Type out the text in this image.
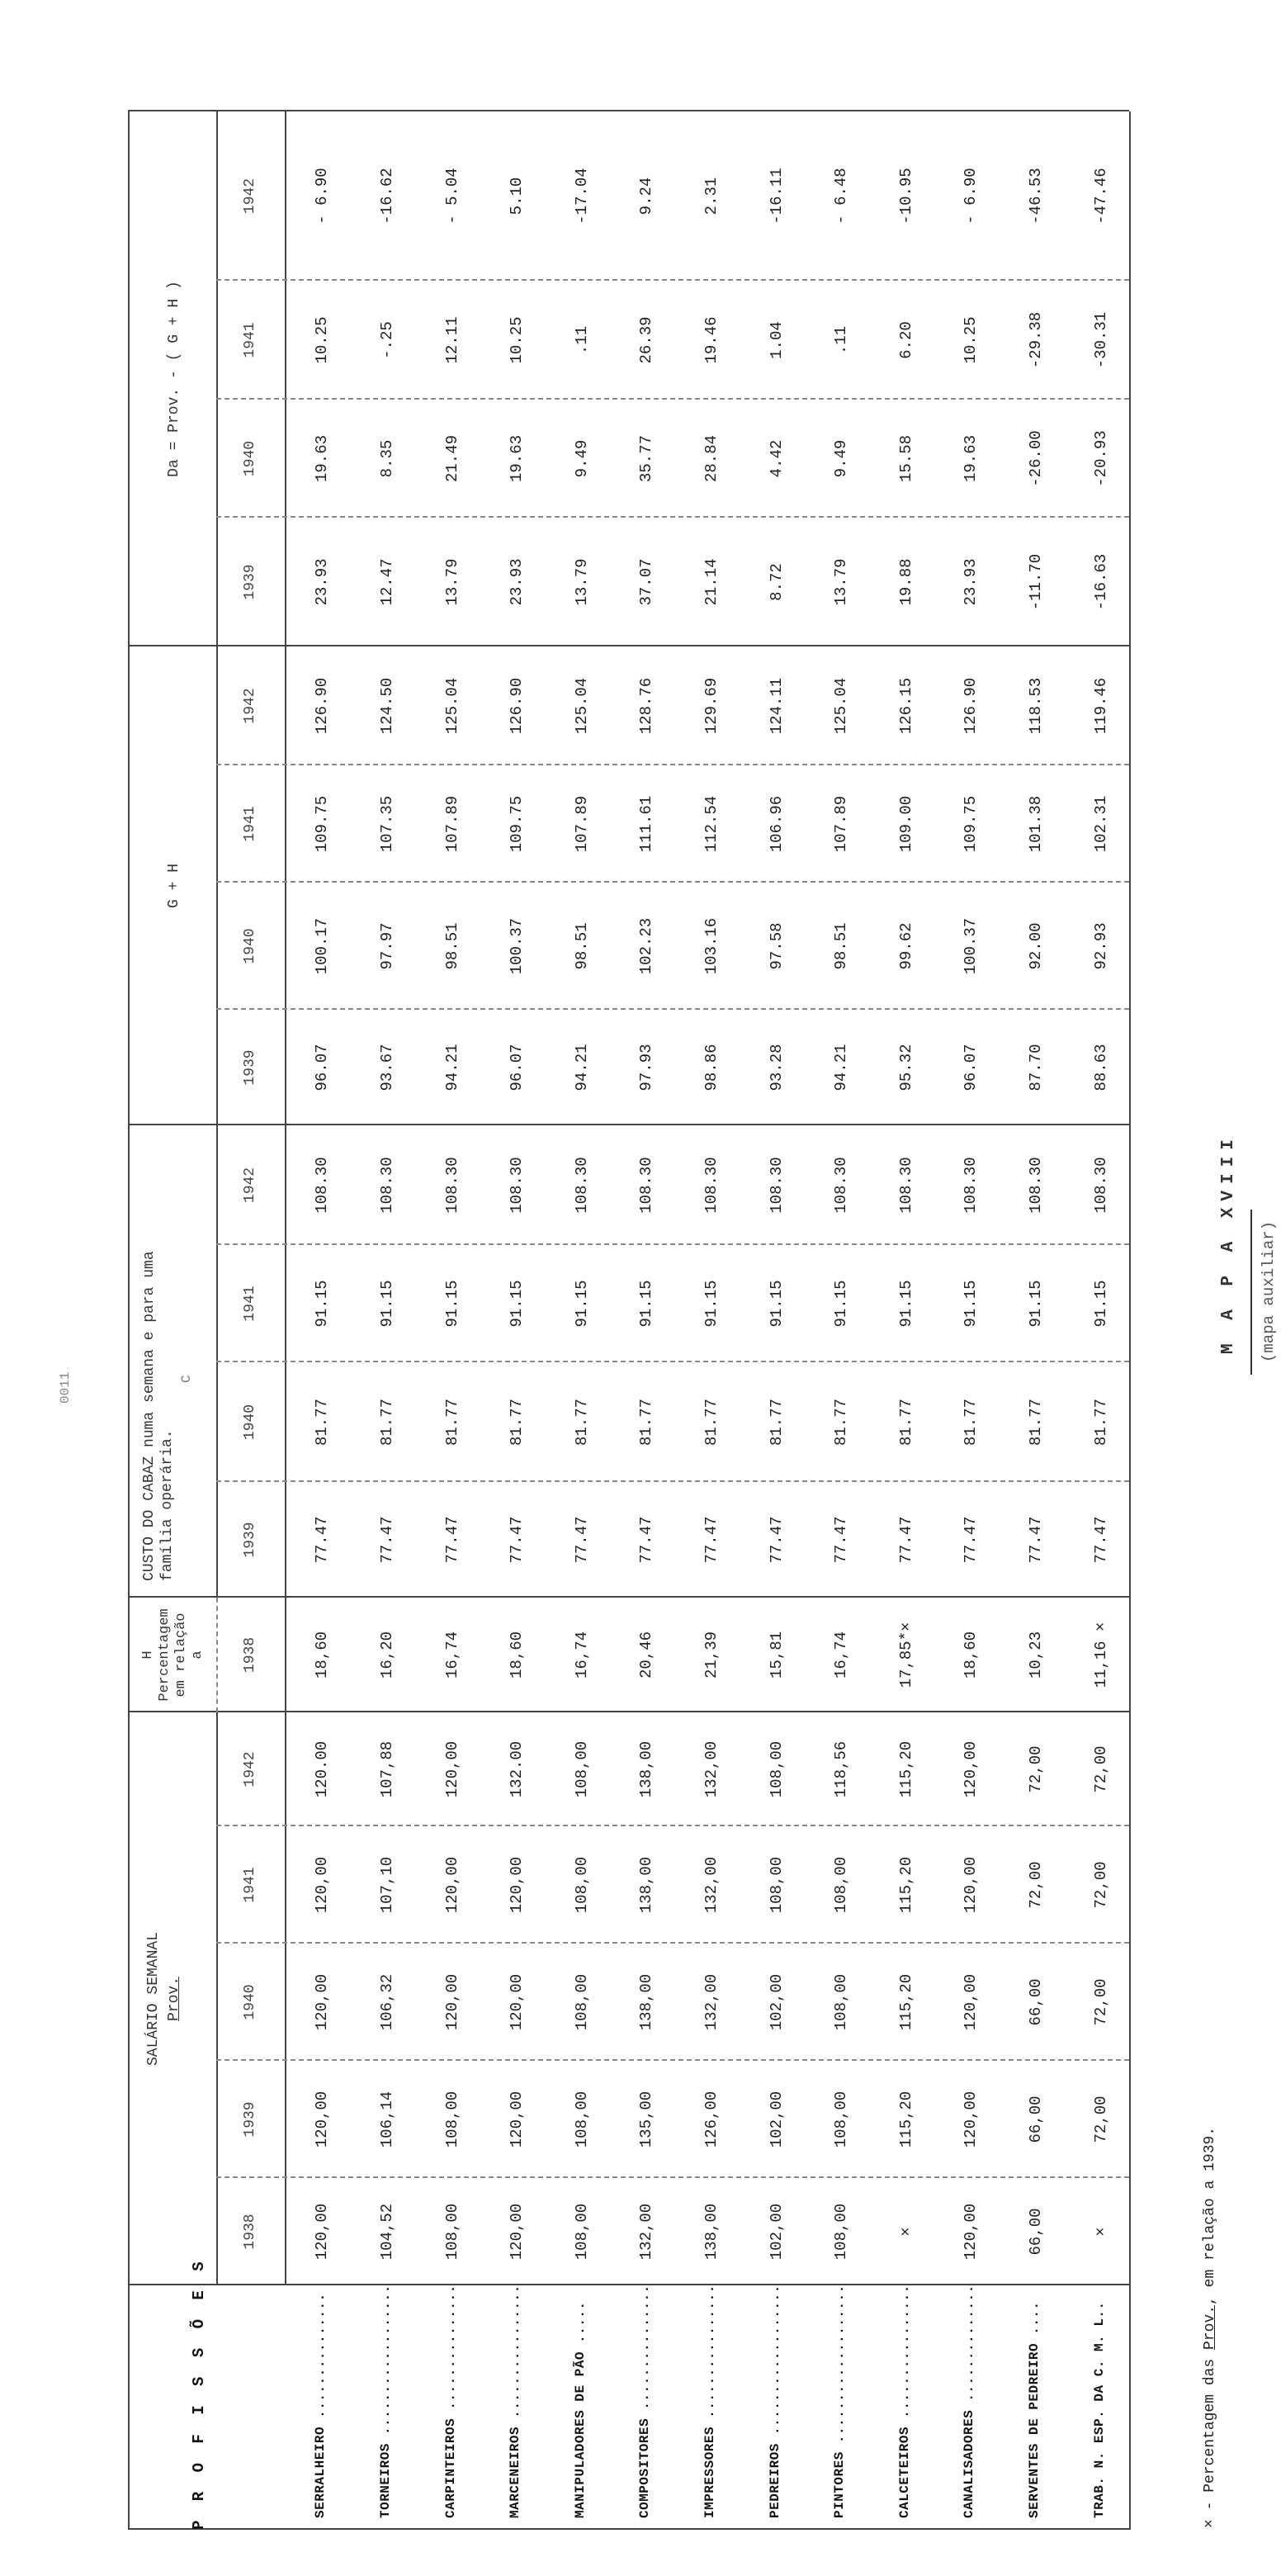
0011
M A P A XVIII (mapa auxiliar)
P R O F I S S Õ E S
SALÁRIO SEMANAL Prov.
H Percentagem em relação a
CUSTO DO CABAZ numa semana e para uma família operária.
C
G + H
Da = Prov. - ( G + H )
1938
1939
1940
1941
1942
1938
1939
1940
1941
1942
1939
1940
1941
1942
1939
1940
1941
1942
SERRALHEIRO ...............
120,00
120,00
120,00
120,00
120.00
18,60
77.47
96.07
23.93
81.77
100.17
19.63
91.15
109.75
10.25
108.30
126.90
- 6.90
TORNEIROS ..................
104,52
106,14
106,32
107,10
107,88
16,20
77.47
93.67
12.47
81.77
97.97
8.35
91.15
107.35
-.25
108.30
124.50
-16.62
CARPINTEIROS ...............
108,00
108,00
120,00
120,00
120,00
16,74
77.47
94.21
13.79
81.77
98.51
21.49
91.15
107.89
12.11
108.30
125.04
- 5.04
MARCENEIROS ................
120,00
120,00
120,00
120,00
132.00
18,60
77.47
96.07
23.93
81.77
100.37
19.63
91.15
109.75
10.25
108.30
126.90
5.10
MANIPULADORES DE PÃO .....
108,00
108,00
108,00
108,00
108,00
16,74
77.47
94.21
13.79
81.77
98.51
9.49
91.15
107.89
.11
108.30
125.04
-17.04
COMPOSITORES ...............
132,00
135,00
138,00
138,00
138,00
20,46
77.47
97.93
37.07
81.77
102.23
35.77
91.15
111.61
26.39
108.30
128.76
9.24
IMPRESSORES ................
138,00
126,00
132,00
132,00
132,00
21,39
77.47
98.86
21.14
81.77
103.16
28.84
91.15
112.54
19.46
108.30
129.69
2.31
PEDREIROS ..................
102,00
102,00
102,00
108,00
108,00
15,81
77.47
93.28
8.72
81.77
97.58
4.42
91.15
106.96
1.04
108.30
124.11
-16.11
PINTORES ...................
108,00
108,00
108,00
108,00
118,56
16,74
77.47
94.21
13.79
81.77
98.51
9.49
91.15
107.89
.11
108.30
125.04
- 6.48
CALCETEIROS ................
×
115,20
115,20
115,20
115,20
17,85*×
77.47
95.32
19.88
81.77
99.62
15.58
91.15
109.00
6.20
108.30
126.15
-10.95
CANALISADORES ..............
120,00
120,00
120,00
120,00
120,00
18,60
77.47
96.07
23.93
81.77
100.37
19.63
91.15
109.75
10.25
108.30
126.90
- 6.90
SERVENTES DE PEDREIRO ....
66,00
66,00
66,00
72,00
72,00
10,23
77.47
87.70
-11.70
81.77
92.00
-26.00
91.15
101.38
-29.38
108.30
118.53
-46.53
TRAB. N. ESP. DA C. M. L..
×
72,00
72,00
72,00
72,00
11,16 ×
77.47
88.63
-16.63
81.77
92.93
-20.93
91.15
102.31
-30.31
108.30
119.46
-47.46
× - Percentagem das Prov., em relação a 1939.
